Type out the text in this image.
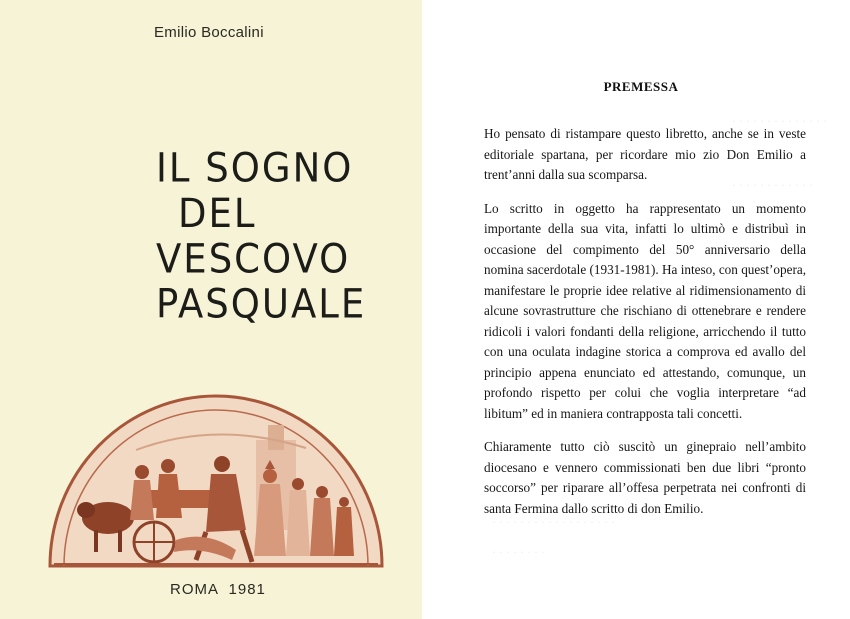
Emilio Boccalini
IL SOGNO
DEL
VESCOVO
PASQUALE
ROMA  1981
· · · · · · · · · · · · · ·
· · · · · · · · · · · ·
· · · · · · · · · · · · · · · · · ·
· · · · · · · ·
PREMESSA

Ho pensato di ristampare questo libretto, anche se in veste editoriale spartana, per ricordare mio zio Don Emilio a trent’anni dalla sua scomparsa.

Lo scritto in oggetto ha rappresentato un momento importante della sua vita, infatti lo ultimò e distribuì in occasione del compimento del 50° anniversario della nomina sacerdotale (1931-1981). Ha inteso, con quest’opera, manifestare le proprie idee relative al ridimensionamento di alcune sovrastrutture che rischiano di ottenebrare e rendere ridicoli i valori fondanti della religione, arricchendo il tutto con una oculata indagine storica a comprova ed avallo del principio appena enunciato ed attestando, comunque, un profondo rispetto per colui che voglia interpretare “ad libitum” ed in maniera contrapposta tali concetti.

Chiaramente tutto ciò suscitò un ginepraio nell’ambito diocesano e vennero commissionati ben due libri “pronto soccorso” per riparare all’offesa perpetrata nei confronti di santa Fermina dallo scritto di don Emilio.
